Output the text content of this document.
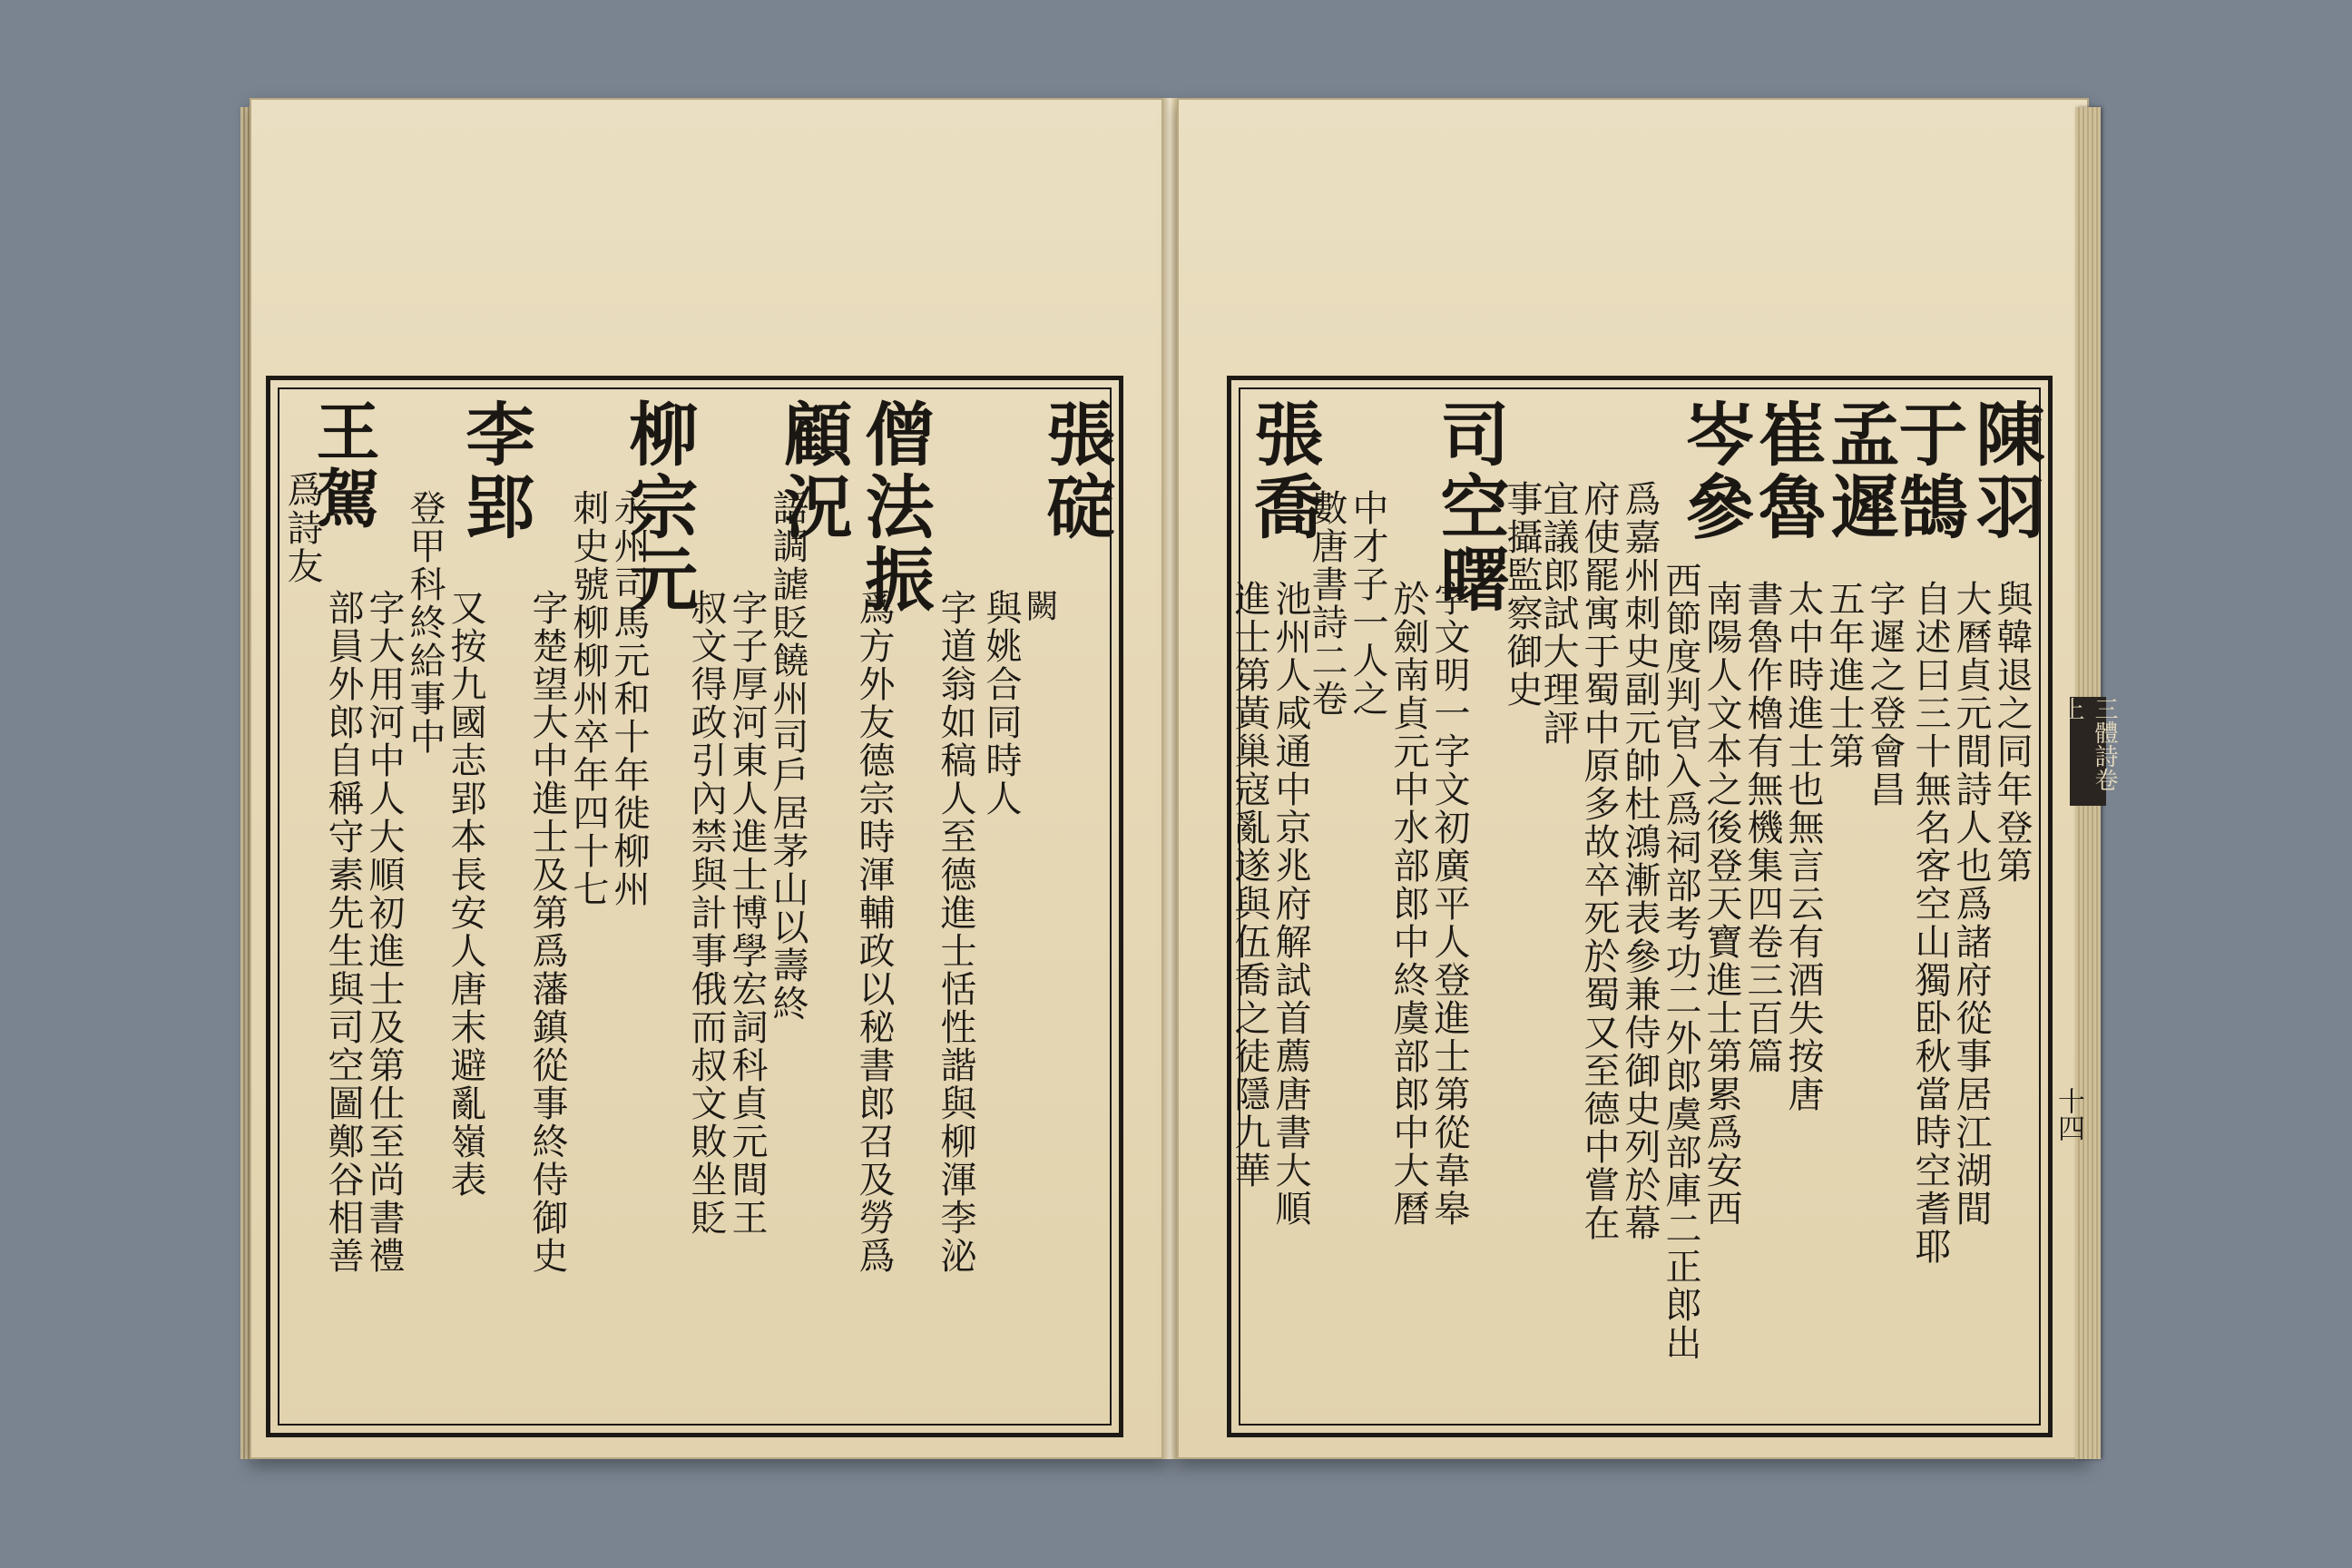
闕
張碇
與姚合同時人
字道翁如稿人至德進士恬性諧與柳渾李泌
僧法振
爲方外友德宗時渾輔政以秘書郎召及勞爲
顧況
語調謔貶饒州司戶居茅山以壽終
字子厚河東人進士博學宏詞科貞元間王
叔文得政引內禁與計事俄而叔文敗坐貶
柳宗元
永州司馬元和十年徙柳州
刺史號柳柳州卒年四十七
字楚望大中進士及第爲藩鎮從事終侍御史
李郢
又按九國志郢本長安人唐末避亂嶺表
登甲科終給事中
字大用河中人大順初進士及第仕至尚書禮
部員外郎自稱守素先生與司空圖鄭谷相善
王駕
爲詩友	陳羽
與韓退之同年登第
大曆貞元間詩人也爲諸府從事居江湖間
于鵠
自述曰三十無名客空山獨卧秋當時空耆耶
孟遲
字遲之登會昌
五年進士第
崔魯
太中時進士也無言云有酒失按唐
書魯作櫓有無機集四卷三百篇
岑參
南陽人文本之後登天寶進士第累爲安西
西節度判官入爲祠部考功二外郎虞部庫二正郎出
爲嘉州刺史副元帥杜鴻漸表參兼侍御史列於幕
府使罷寓于蜀中原多故卒死於蜀又至德中嘗在
宜議郎試大理評
事攝監察御史
司空曙
字文明一字文初廣平人登進士第從韋皋
於劍南貞元中水部郎中終虞部郎中大曆
中才子一人之
數唐書詩二卷
張喬
池州人咸通中京兆府解試首薦唐書大順
進士第黃巢寇亂遂與伍喬之徒隱九華	三體詩卷上
十四
